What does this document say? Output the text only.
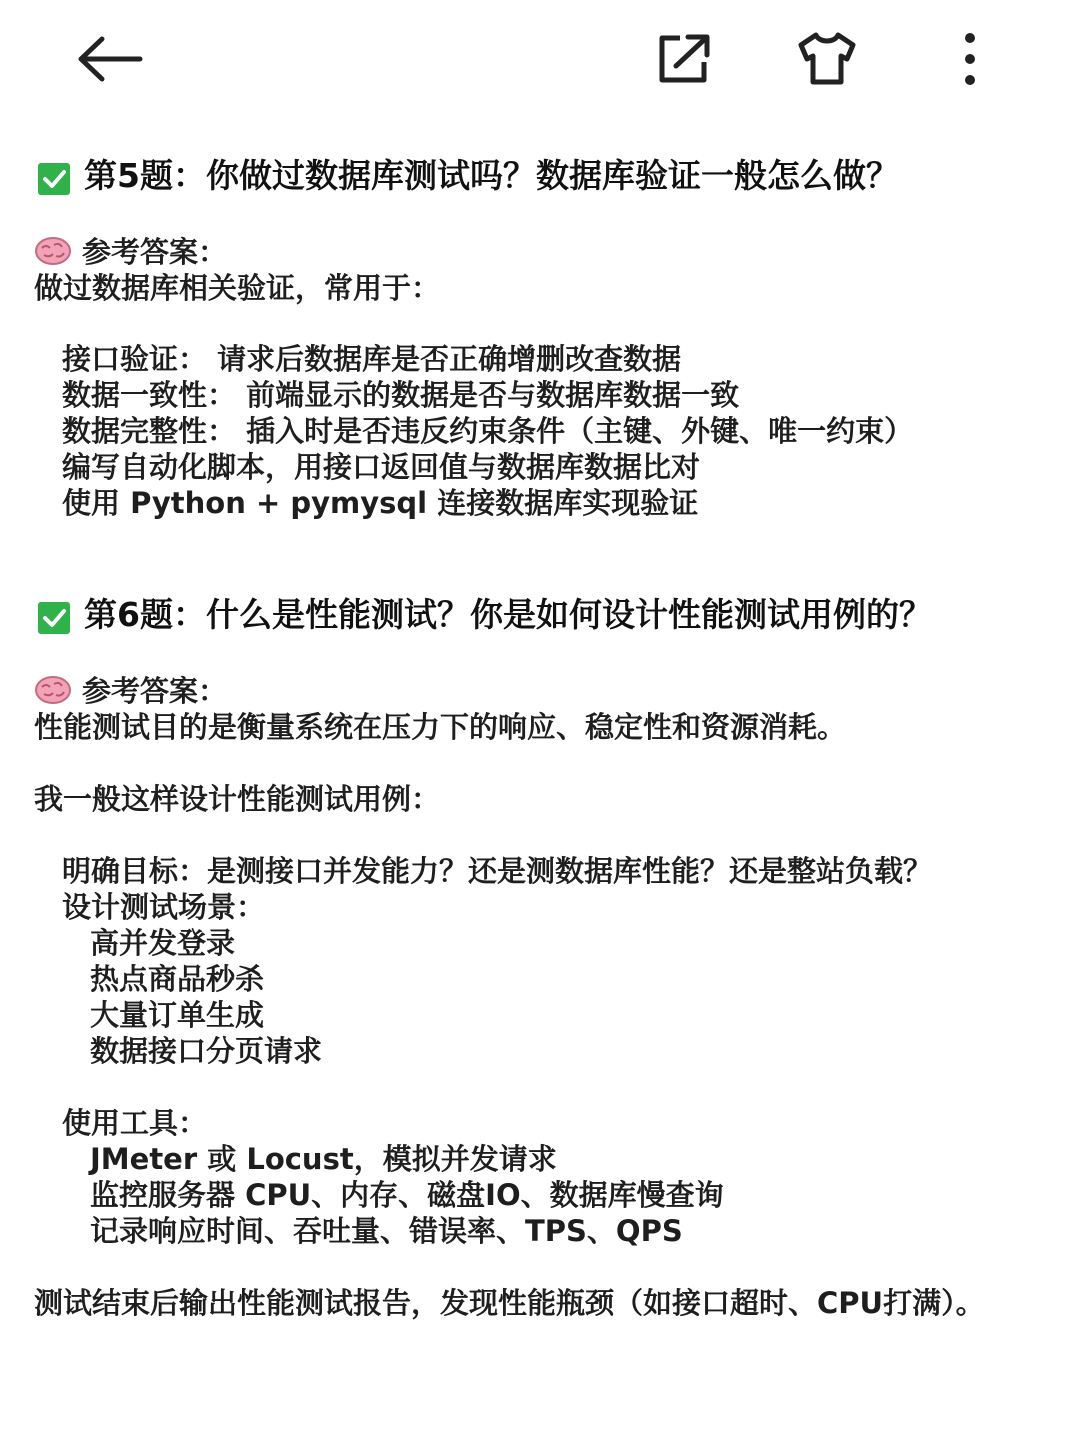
第5题：你做过数据库测试吗？数据库验证一般怎么做？
参考答案：
做过数据库相关验证，常用于：
接口验证： 请求后数据库是否正确增删改查数据
数据一致性： 前端显示的数据是否与数据库数据一致
数据完整性： 插入时是否违反约束条件（主键、外键、唯一约束）
编写自动化脚本，用接口返回值与数据库数据比对
使用 Python + pymysql 连接数据库实现验证
第6题：什么是性能测试？你是如何设计性能测试用例的？
参考答案：
性能测试目的是衡量系统在压力下的响应、稳定性和资源消耗。
我一般这样设计性能测试用例：
明确目标：是测接口并发能力？还是测数据库性能？还是整站负载？
设计测试场景：
高并发登录
热点商品秒杀
大量订单生成
数据接口分页请求
使用工具：
JMeter 或 Locust，模拟并发请求
监控服务器 CPU、内存、磁盘IO、数据库慢查询
记录响应时间、吞吐量、错误率、TPS、QPS
测试结束后输出性能测试报告，发现性能瓶颈（如接口超时、CPU打满）。
